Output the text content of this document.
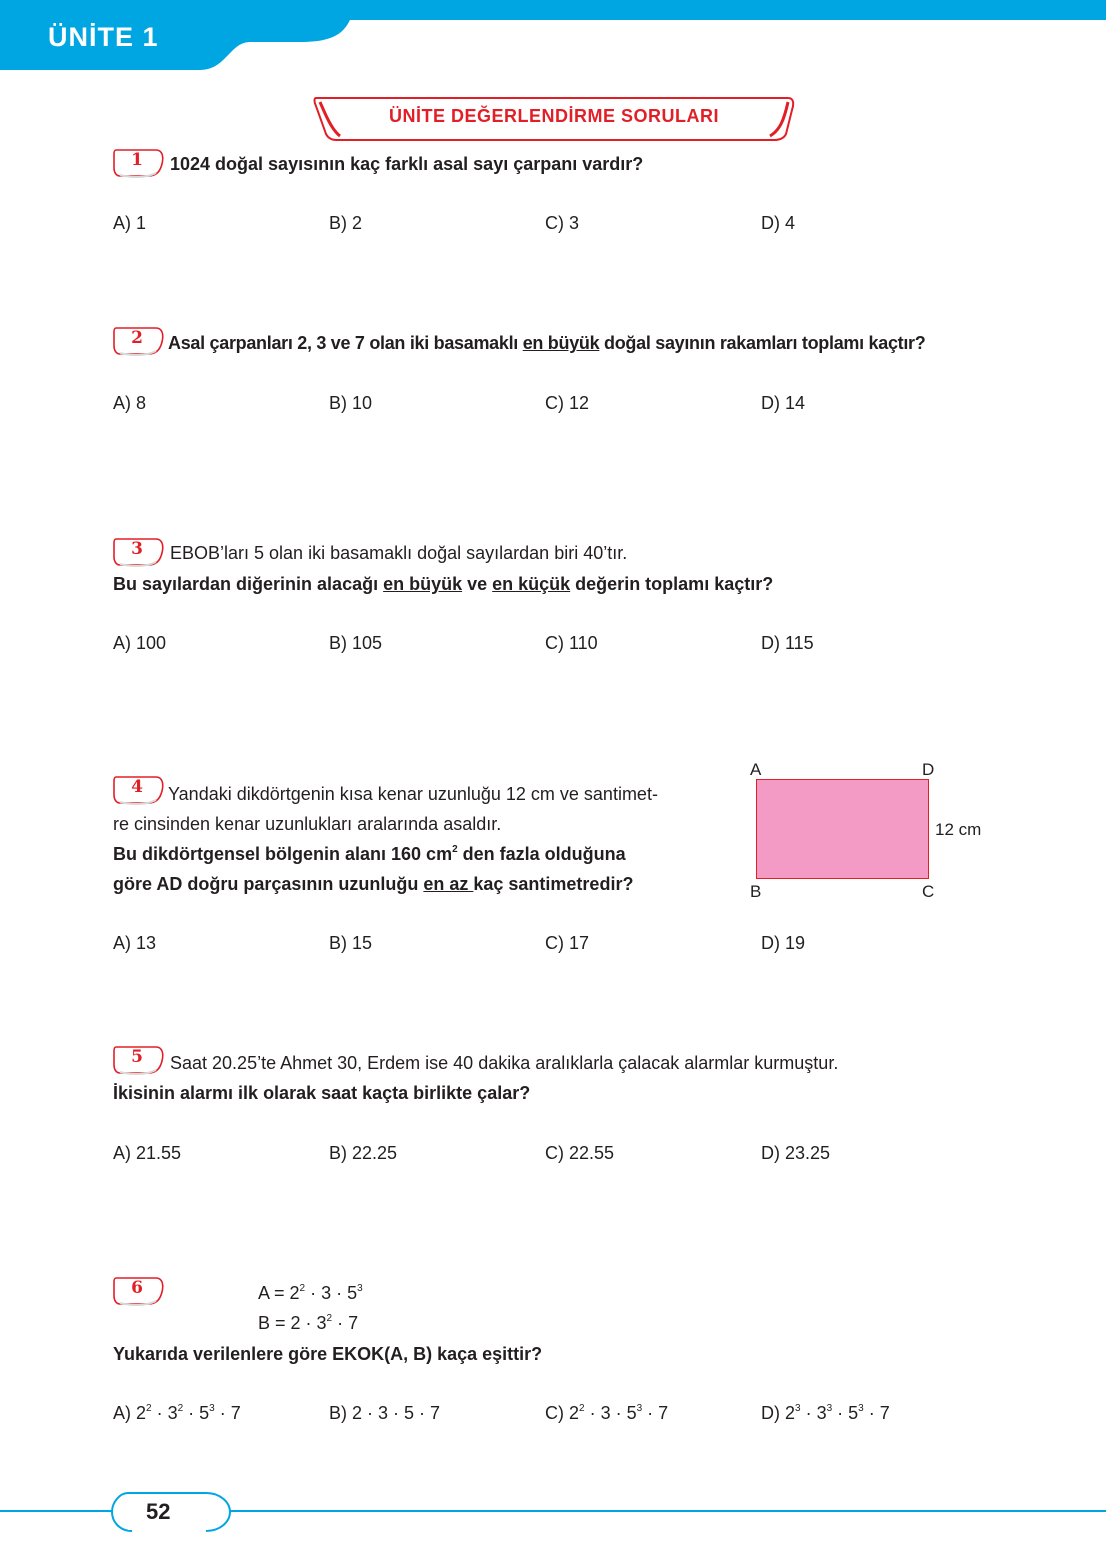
ÜNİTE 1
ÜNİTE DEĞERLENDİRME SORULARI
1	1024 doğal sayısının kaç farklı asal sayı çarpanı vardır?
A) 1	B) 2	C) 3	D) 4
2	Asal çarpanları 2, 3 ve 7 olan iki basamaklı en büyük doğal sayının rakamları toplamı kaçtır?
A) 8	B) 10	C) 12	D) 14
3	EBOB’ları 5 olan iki basamaklı doğal sayılardan biri 40’tır.
Bu sayılardan diğerinin alacağı en büyük ve en küçük değerin toplamı kaçtır?
A) 100	B) 105	C) 110	D) 115
4	Yandaki dikdörtgenin kısa kenar uzunluğu 12 cm ve santimet-
re cinsinden kenar uzunlukları aralarında asaldır.
Bu dikdörtgensel bölgenin alanı 160 $cm^2$ den fazla olduğuna
göre AD doğru parçasının uzunluğu en az kaç santimetredir?
A	D
B	C
12 cm
A) 13	B) 15	C) 17	D) 19
5	Saat 20.25’te Ahmet 30, Erdem ise 40 dakika aralıklarla çalacak alarmlar kurmuştur.
İkisinin alarmı ilk olarak saat kaçta birlikte çalar?
A) 21.55	B) 22.25	C) 22.55	D) 23.25
6	$A = 2^2 \cdot 3 \cdot 5^3$
$B = 2 \cdot 3^2 \cdot 7$
Yukarıda verilenlere göre EKOK(A, B) kaça eşittir?
A) $2^2 \cdot 3^2 \cdot 5^3 \cdot 7$	B) 2 · 3 · 5 · 7	C) $2^2 \cdot 3 \cdot 5^3 \cdot 7$	D) $2^3 \cdot 3^3 \cdot 5^3 \cdot 7$
52
